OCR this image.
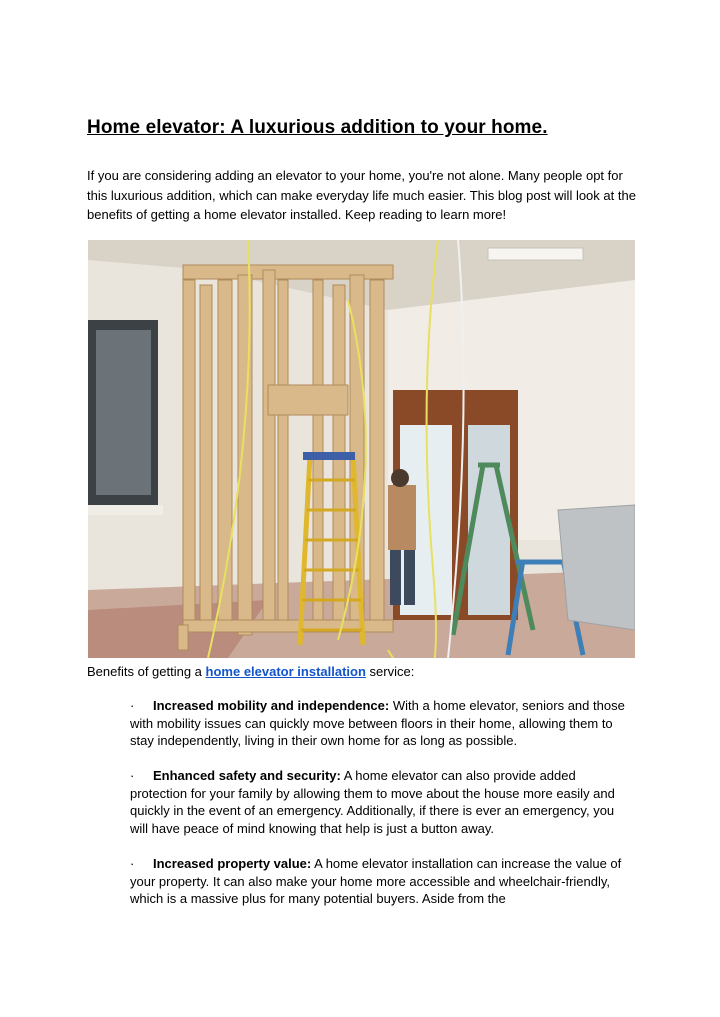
Home elevator: A luxurious addition to your home.

If you are considering adding an elevator to your home, you're not alone. Many people opt for this luxurious addition, which can make everyday life much easier. This blog post will look at the benefits of getting a home elevator installed. Keep reading to learn more!

Benefits of getting a home elevator installation service:

· Increased mobility and independence: With a home elevator, seniors and those with mobility issues can quickly move between floors in their home, allowing them to stay independently, living in their own home for as long as possible.

· Enhanced safety and security: A home elevator can also provide added protection for your family by allowing them to move about the house more easily and quickly in the event of an emergency. Additionally, if there is ever an emergency, you will have peace of mind knowing that help is just a button away.

· Increased property value: A home elevator installation can increase the value of your property. It can also make your home more accessible and wheelchair-friendly, which is a massive plus for many potential buyers. Aside from the
